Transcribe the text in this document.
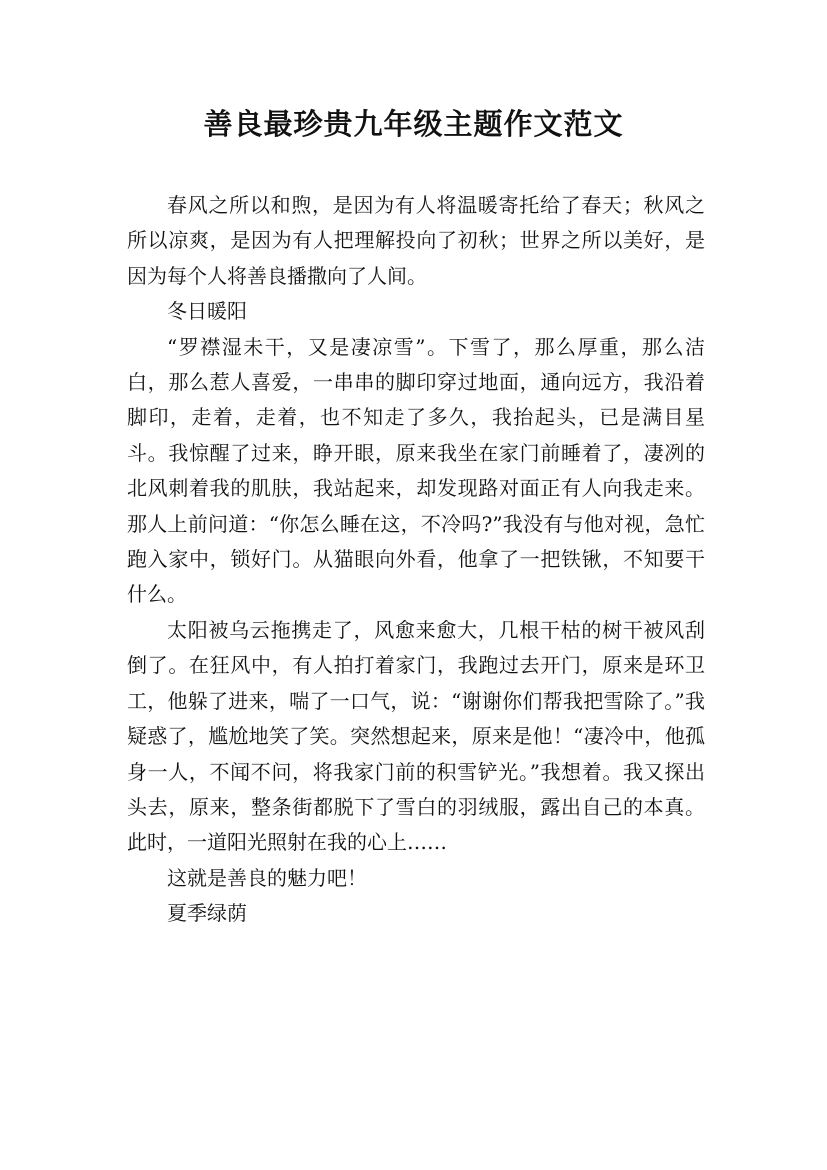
善良最珍贵九年级主题作文范文

春风之所以和煦，是因为有人将温暖寄托给了春天；秋风之所以凉爽，是因为有人把理解投向了初秋；世界之所以美好，是因为每个人将善良播撒向了人间。

冬日暖阳

“罗襟湿未干，又是凄凉雪”。下雪了，那么厚重，那么洁白，那么惹人喜爱，一串串的脚印穿过地面，通向远方，我沿着脚印，走着，走着，也不知走了多久，我抬起头，已是满目星斗。我惊醒了过来，睁开眼，原来我坐在家门前睡着了，凄冽的北风刺着我的肌肤，我站起来，却发现路对面正有人向我走来。那人上前问道：“你怎么睡在这，不冷吗?”我没有与他对视，急忙跑入家中，锁好门。从猫眼向外看，他拿了一把铁锹，不知要干什么。

太阳被乌云拖携走了，风愈来愈大，几根干枯的树干被风刮倒了。在狂风中，有人拍打着家门，我跑过去开门，原来是环卫工，他躲了进来，喘了一口气，说：“谢谢你们帮我把雪除了。”我疑惑了，尴尬地笑了笑。突然想起来，原来是他！“凄冷中，他孤身一人，不闻不问，将我家门前的积雪铲光。”我想着。我又探出头去，原来，整条街都脱下了雪白的羽绒服，露出自己的本真。此时，一道阳光照射在我的心上……

这就是善良的魅力吧！

夏季绿荫
